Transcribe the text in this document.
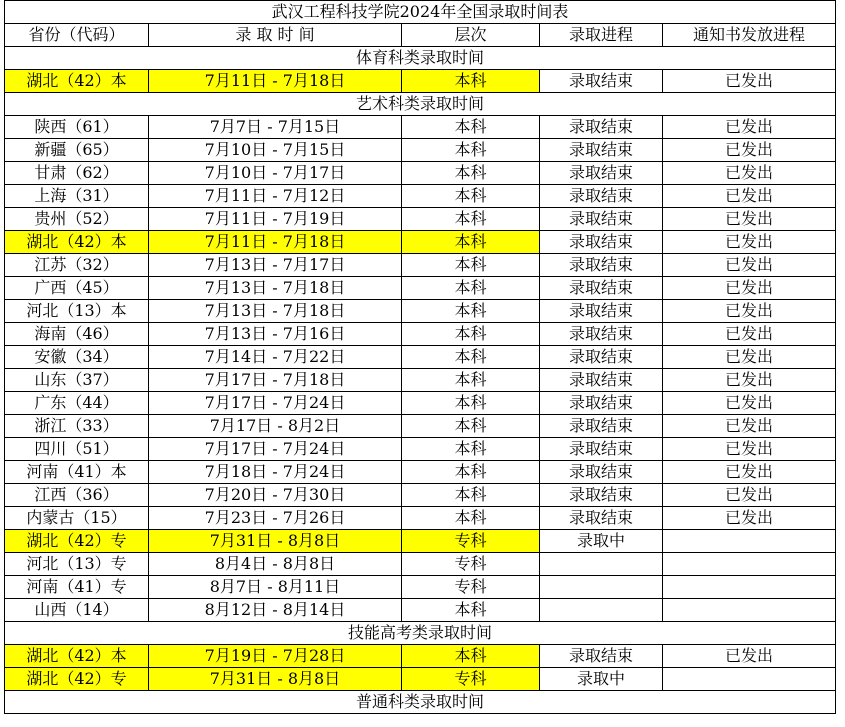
武汉工程科技学院2024年全国录取时间表				
省份（代码）	录 取 时 间	层次	录取进程	通知书发放进程
体育科类录取时间				
湖北（42）本	7月11日 - 7月18日	本科	录取结束	已发出
艺术科类录取时间				
陕西（61）	7月7日 - 7月15日	本科	录取结束	已发出
新疆（65）	7月10日 - 7月15日	本科	录取结束	已发出
甘肃（62）	7月10日 - 7月17日	本科	录取结束	已发出
上海（31）	7月11日 - 7月12日	本科	录取结束	已发出
贵州（52）	7月11日 - 7月19日	本科	录取结束	已发出
湖北（42）本	7月11日 - 7月18日	本科	录取结束	已发出
江苏（32）	7月13日 - 7月17日	本科	录取结束	已发出
广西（45）	7月13日 - 7月18日	本科	录取结束	已发出
河北（13）本	7月13日 - 7月18日	本科	录取结束	已发出
海南（46）	7月13日 - 7月16日	本科	录取结束	已发出
安徽（34）	7月14日 - 7月22日	本科	录取结束	已发出
山东（37）	7月17日 - 7月18日	本科	录取结束	已发出
广东（44）	7月17日 - 7月24日	本科	录取结束	已发出
浙江（33）	7月17日 - 8月2日	本科	录取结束	已发出
四川（51）	7月17日 - 7月24日	本科	录取结束	已发出
河南（41）本	7月18日 - 7月24日	本科	录取结束	已发出
江西（36）	7月20日 - 7月30日	本科	录取结束	已发出
内蒙古（15）	7月23日 - 7月26日	本科	录取结束	已发出
湖北（42）专	7月31日 - 8月8日	专科	录取中	
河北（13）专	8月4日 - 8月8日	专科		
河南（41）专	8月7日 - 8月11日	专科		
山西（14）	8月12日 - 8月14日	本科		
技能高考类录取时间				
湖北（42）本	7月19日 - 7月28日	本科	录取结束	已发出
湖北（42）专	7月31日 - 8月8日	专科	录取中	
普通科类录取时间				
